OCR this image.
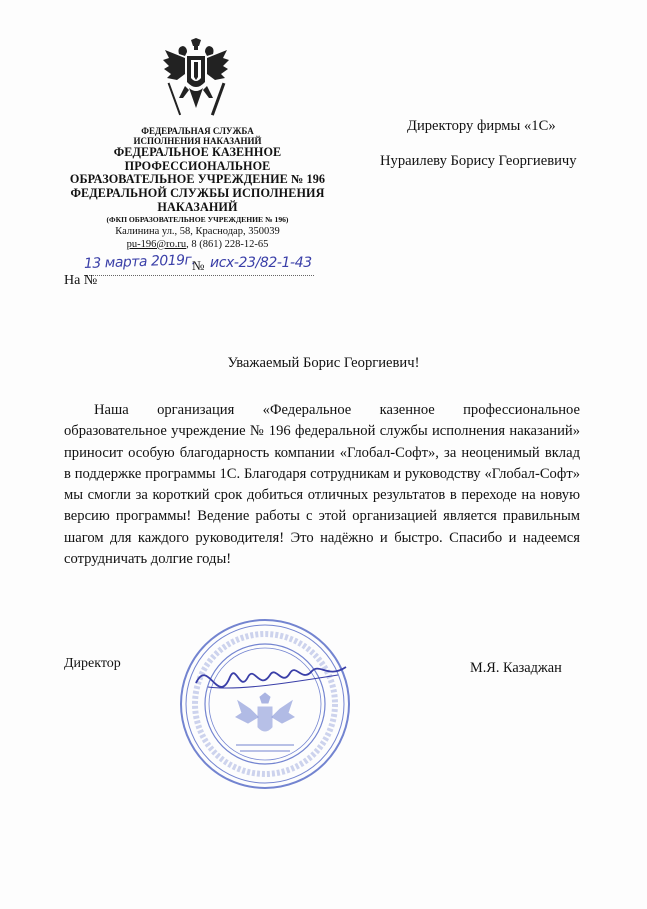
ФЕДЕРАЛЬНАЯ СЛУЖБА
ИСПОЛНЕНИЯ НАКАЗАНИЙ
ФЕДЕРАЛЬНОЕ КАЗЕННОЕ
ПРОФЕССИОНАЛЬНОЕ
ОБРАЗОВАТЕЛЬНОЕ УЧРЕЖДЕНИЕ № 196
ФЕДЕРАЛЬНОЙ СЛУЖБЫ ИСПОЛНЕНИЯ
НАКАЗАНИЙ
(ФКП ОБРАЗОВАТЕЛЬНОЕ УЧРЕЖДЕНИЕ № 196)
Калинина ул., 58, Краснодар, 350039
pu-196@ro.ru, 8 (861) 228-12-65
13 марта 2019г.
№ исх-23/82-1-43
На №
Директору фирмы «1С»
Нураилеву Борису Георгиевичу
Уважаемый Борис Георгиевич!
Наша организация «Федеральное казенное профессиональное образовательное учреждение № 196 федеральной службы исполнения наказаний» приносит особую благодарность компании «Глобал-Софт», за неоценимый вклад в поддержке программы 1С. Благодаря сотрудникам и руководству «Глобал-Софт» мы смогли за короткий срок добиться отличных результатов в переходе на новую версию программы! Ведение работы с этой организацией является правильным шагом для каждого руководителя! Это надёжно и быстро. Спасибо и надеемся сотрудничать долгие годы!
Директор	М.Я. Казаджан
